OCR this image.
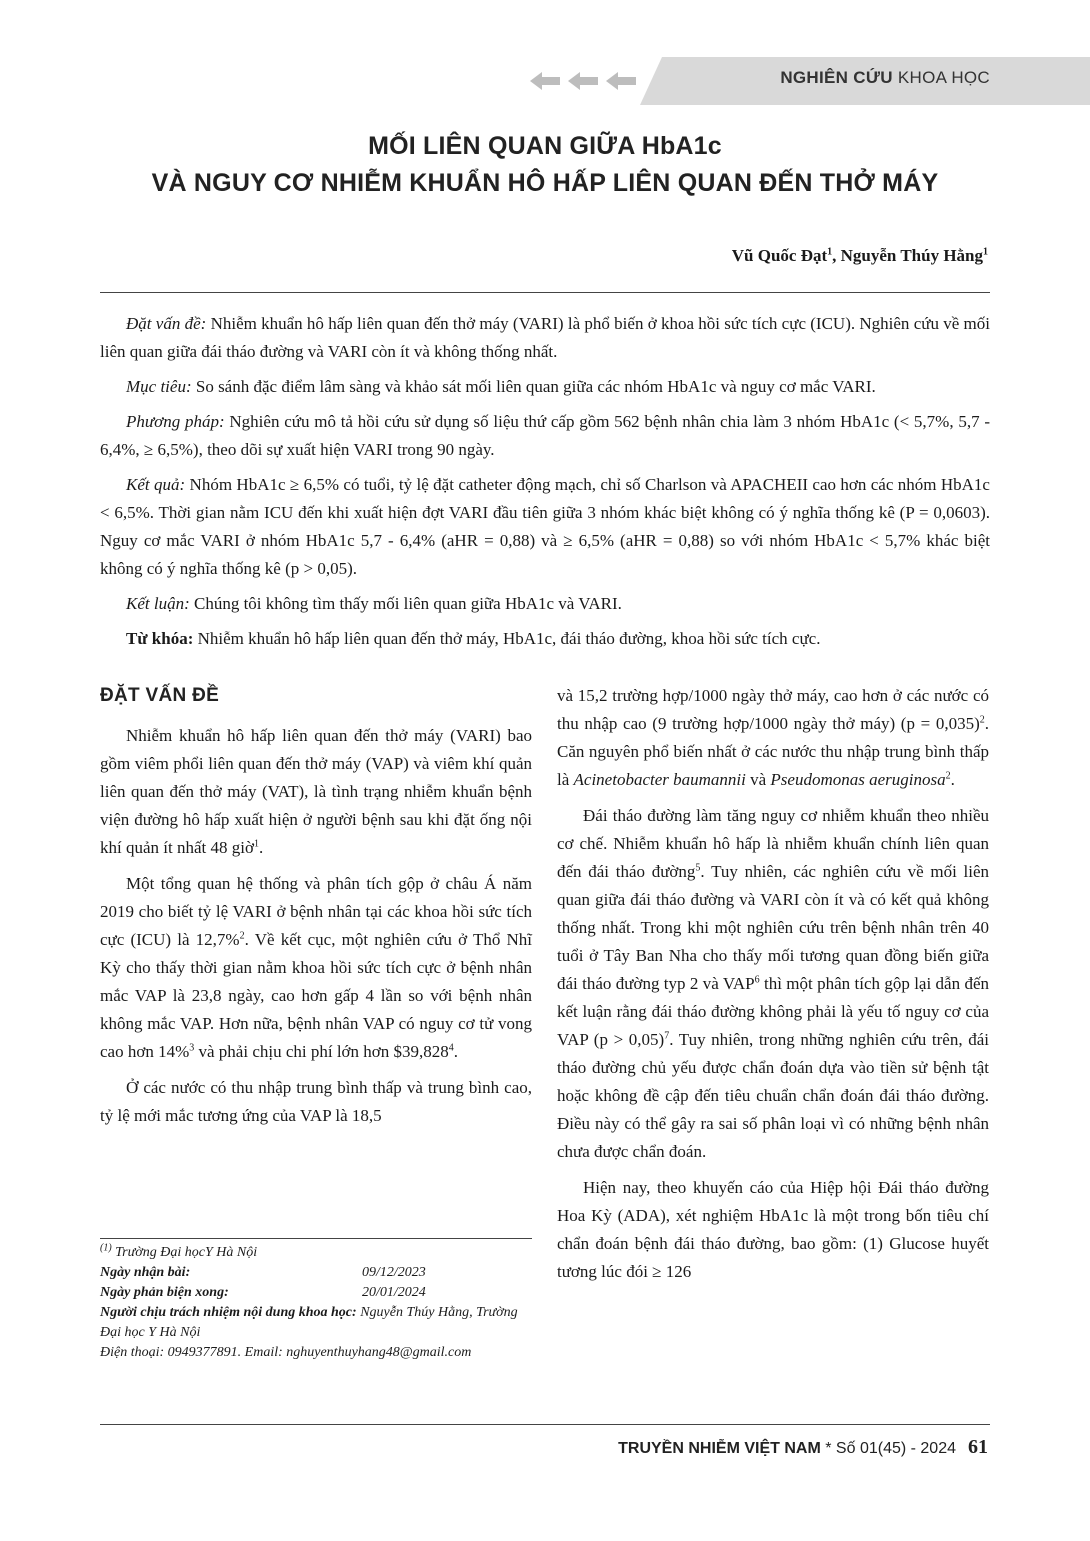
NGHIÊN CỨU KHOA HỌC
MỐI LIÊN QUAN GIỮA HbA1c
VÀ NGUY CƠ NHIỄM KHUẨN HÔ HẤP LIÊN QUAN ĐẾN THỞ MÁY
Vũ Quốc Đạt$^1$, Nguyễn Thúy Hằng$^1$

Đặt vấn đề: Nhiễm khuẩn hô hấp liên quan đến thở máy (VARI) là phổ biến ở khoa hồi sức tích cực (ICU). Nghiên cứu về mối liên quan giữa đái tháo đường và VARI còn ít và không thống nhất.

Mục tiêu: So sánh đặc điểm lâm sàng và khảo sát mối liên quan giữa các nhóm HbA1c và nguy cơ mắc VARI.

Phương pháp: Nghiên cứu mô tả hồi cứu sử dụng số liệu thứ cấp gồm 562 bệnh nhân chia làm 3 nhóm HbA1c (< 5,7%, 5,7 - 6,4%, ≥ 6,5%), theo dõi sự xuất hiện VARI trong 90 ngày.

Kết quả: Nhóm HbA1c ≥ 6,5% có tuổi, tỷ lệ đặt catheter động mạch, chỉ số Charlson và APACHEII cao hơn các nhóm HbA1c < 6,5%. Thời gian nằm ICU đến khi xuất hiện đợt VARI đầu tiên giữa 3 nhóm khác biệt không có ý nghĩa thống kê (P = 0,0603). Nguy cơ mắc VARI ở nhóm HbA1c 5,7 - 6,4% (aHR = 0,88) và ≥ 6,5% (aHR = 0,88) so với nhóm HbA1c < 5,7% khác biệt không có ý nghĩa thống kê (p > 0,05).

Kết luận: Chúng tôi không tìm thấy mối liên quan giữa HbA1c và VARI.

Từ khóa: Nhiễm khuẩn hô hấp liên quan đến thở máy, HbA1c, đái tháo đường, khoa hồi sức tích cực.

ĐẶT VẤN ĐỀ

Nhiễm khuẩn hô hấp liên quan đến thở máy (VARI) bao gồm viêm phổi liên quan đến thở máy (VAP) và viêm khí quản liên quan đến thở máy (VAT), là tình trạng nhiễm khuẩn bệnh viện đường hô hấp xuất hiện ở người bệnh sau khi đặt ống nội khí quản ít nhất 48 giờ$^1$.

Một tổng quan hệ thống và phân tích gộp ở châu Á năm 2019 cho biết tỷ lệ VARI ở bệnh nhân tại các khoa hồi sức tích cực (ICU) là 12,7%$^2$. Về kết cục, một nghiên cứu ở Thổ Nhĩ Kỳ cho thấy thời gian nằm khoa hồi sức tích cực ở bệnh nhân mắc VAP là 23,8 ngày, cao hơn gấp 4 lần so với bệnh nhân không mắc VAP. Hơn nữa, bệnh nhân VAP có nguy cơ tử vong cao hơn 14%$^3$ và phải chịu chi phí lớn hơn $39,828$^4$.

Ở các nước có thu nhập trung bình thấp và trung bình cao, tỷ lệ mới mắc tương ứng của VAP là 18,5

$^{(1)}$ Trường Đại họcY Hà Nội

Ngày nhận bài:	09/12/2023
Ngày phản biện xong:	20/01/2024

Người chịu trách nhiệm nội dung khoa học: Nguyễn Thúy Hằng, Trường Đại học Y Hà Nội

Điện thoại: 0949377891. Email: nghuyenthuyhang48@gmail.com

và 15,2 trường hợp/1000 ngày thở máy, cao hơn ở các nước có thu nhập cao (9 trường hợp/1000 ngày thở máy) (p = 0,035)$^2$. Căn nguyên phổ biến nhất ở các nước thu nhập trung bình thấp là Acinetobacter baumannii và Pseudomonas aeruginosa$^2$.

Đái tháo đường làm tăng nguy cơ nhiễm khuẩn theo nhiều cơ chế. Nhiễm khuẩn hô hấp là nhiễm khuẩn chính liên quan đến đái tháo đường$^5$. Tuy nhiên, các nghiên cứu về mối liên quan giữa đái tháo đường và VARI còn ít và có kết quả không thống nhất. Trong khi một nghiên cứu trên bệnh nhân trên 40 tuổi ở Tây Ban Nha cho thấy mối tương quan đồng biến giữa đái tháo đường typ 2 và VAP$^6$ thì một phân tích gộp lại dẫn đến kết luận rằng đái tháo đường không phải là yếu tố nguy cơ của VAP (p > 0,05)$^7$. Tuy nhiên, trong những nghiên cứu trên, đái tháo đường chủ yếu được chẩn đoán dựa vào tiền sử bệnh tật hoặc không đề cập đến tiêu chuẩn chẩn đoán đái tháo đường. Điều này có thể gây ra sai số phân loại vì có những bệnh nhân chưa được chẩn đoán.

Hiện nay, theo khuyến cáo của Hiệp hội Đái tháo đường Hoa Kỳ (ADA), xét nghiệm HbA1c là một trong bốn tiêu chí chẩn đoán bệnh đái tháo đường, bao gồm: (1) Glucose huyết tương lúc đói ≥ 126

TRUYỀN NHIỄM VIỆT NAM * Số 01(45) - 2024 61
